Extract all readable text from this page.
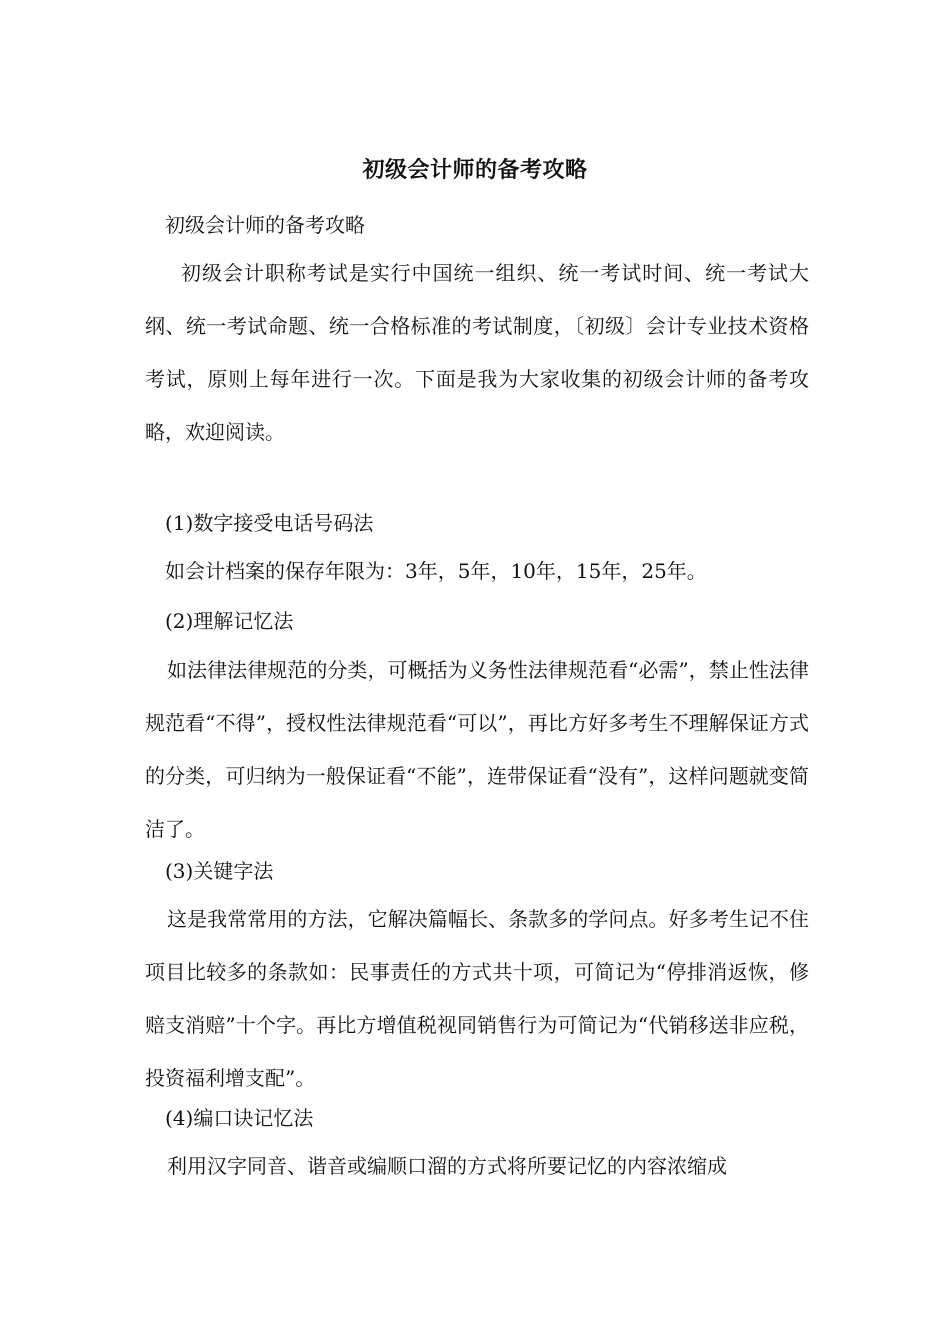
初级会计师的备考攻略
初级会计师的备考攻略
初级会计职称考试是实行中国统一组织、统一考试时间、统一考试大纲、统一考试命题、统一合格标准的考试制度，〔初级〕会计专业技术资格考试，原则上每年进行一次。下面是我为大家收集的初级会计师的备考攻略，欢迎阅读。
(1)数字接受电话号码法
如会计档案的保存年限为：3年，5年，10年，15年，25年。
(2)理解记忆法
如法律法律规范的分类，可概括为义务性法律规范看“必需”，禁止性法律规范看“不得”，授权性法律规范看“可以”，再比方好多考生不理解保证方式的分类，可归纳为一般保证看“不能”，连带保证看“没有”，这样问题就变简洁了。
(3)关键字法
这是我常常用的方法，它解决篇幅长、条款多的学问点。好多考生记不住项目比较多的条款如：民事责任的方式共十项，可简记为“停排消返恢，修赔支消赔”十个字。再比方增值税视同销售行为可简记为“代销移送非应税，投资福利增支配”。
(4)编口诀记忆法
利用汉字同音、谐音或编顺口溜的方式将所要记忆的内容浓缩成
